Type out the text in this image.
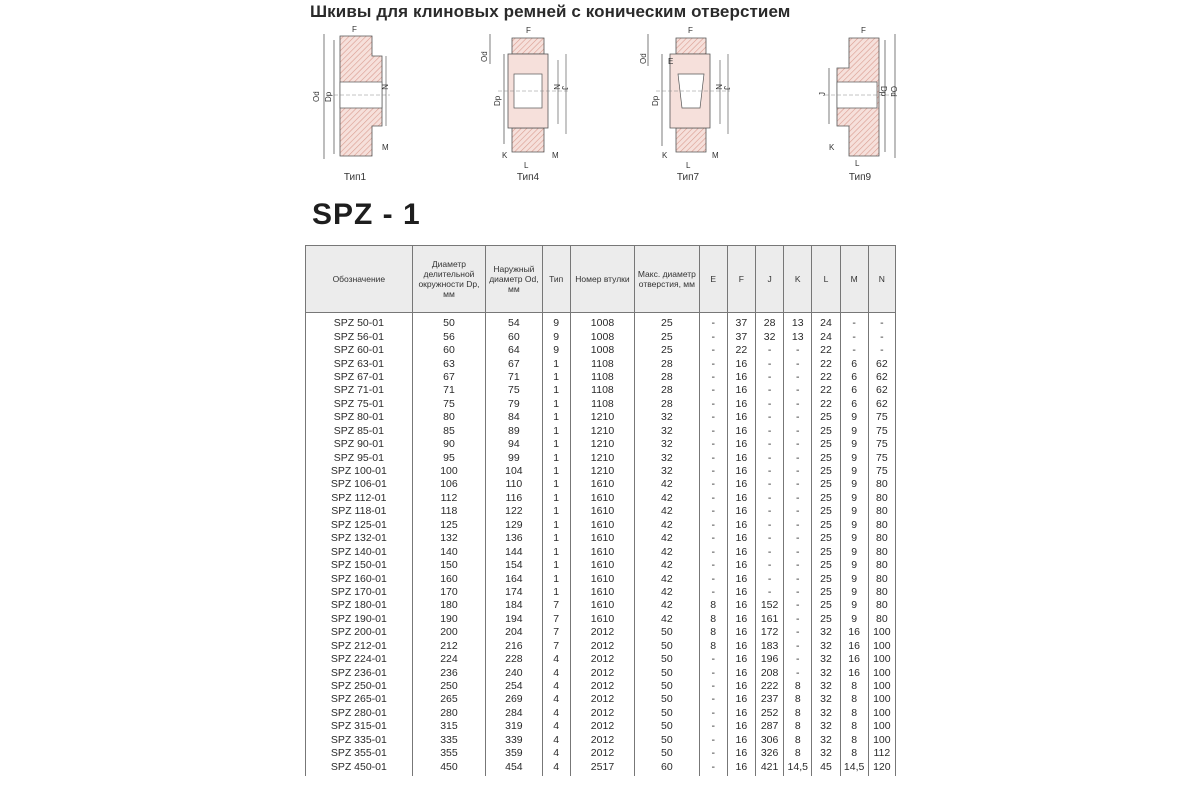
Шкивы для клиновых ремней с коническим отверстием
Od Dp
N
F
M
Тип1
Od
Dp
N J
F
K
L
M
Тип4
Od	E
Dp
N J
F
K
L
M
Тип7
J	Dp Od
F
K
L
Тип9
SPZ - 1
Обозначение	Диаметр делительной окружности Dp, мм	Наружный диаметр Od, мм	Тип	Номер втулки	Макс. диаметр отверстия, мм	E	F	J	K	L	M	N
SPZ 50-01	50	54	9	1008	25	-	37	28	13	24	-	-
SPZ 56-01	56	60	9	1008	25	-	37	32	13	24	-	-
SPZ 60-01	60	64	9	1008	25	-	22	-	-	22	-	-
SPZ 63-01	63	67	1	1108	28	-	16	-	-	22	6	62
SPZ 67-01	67	71	1	1108	28	-	16	-	-	22	6	62
SPZ 71-01	71	75	1	1108	28	-	16	-	-	22	6	62
SPZ 75-01	75	79	1	1108	28	-	16	-	-	22	6	62
SPZ 80-01	80	84	1	1210	32	-	16	-	-	25	9	75
SPZ 85-01	85	89	1	1210	32	-	16	-	-	25	9	75
SPZ 90-01	90	94	1	1210	32	-	16	-	-	25	9	75
SPZ 95-01	95	99	1	1210	32	-	16	-	-	25	9	75
SPZ 100-01	100	104	1	1210	32	-	16	-	-	25	9	75
SPZ 106-01	106	110	1	1610	42	-	16	-	-	25	9	80
SPZ 112-01	112	116	1	1610	42	-	16	-	-	25	9	80
SPZ 118-01	118	122	1	1610	42	-	16	-	-	25	9	80
SPZ 125-01	125	129	1	1610	42	-	16	-	-	25	9	80
SPZ 132-01	132	136	1	1610	42	-	16	-	-	25	9	80
SPZ 140-01	140	144	1	1610	42	-	16	-	-	25	9	80
SPZ 150-01	150	154	1	1610	42	-	16	-	-	25	9	80
SPZ 160-01	160	164	1	1610	42	-	16	-	-	25	9	80
SPZ 170-01	170	174	1	1610	42	-	16	-	-	25	9	80
SPZ 180-01	180	184	7	1610	42	8	16	152	-	25	9	80
SPZ 190-01	190	194	7	1610	42	8	16	161	-	25	9	80
SPZ 200-01	200	204	7	2012	50	8	16	172	-	32	16	100
SPZ 212-01	212	216	7	2012	50	8	16	183	-	32	16	100
SPZ 224-01	224	228	4	2012	50	-	16	196	-	32	16	100
SPZ 236-01	236	240	4	2012	50	-	16	208	-	32	16	100
SPZ 250-01	250	254	4	2012	50	-	16	222	8	32	8	100
SPZ 265-01	265	269	4	2012	50	-	16	237	8	32	8	100
SPZ 280-01	280	284	4	2012	50	-	16	252	8	32	8	100
SPZ 315-01	315	319	4	2012	50	-	16	287	8	32	8	100
SPZ 335-01	335	339	4	2012	50	-	16	306	8	32	8	100
SPZ 355-01	355	359	4	2012	50	-	16	326	8	32	8	112
SPZ 450-01	450	454	4	2517	60	-	16	421	14,5	45	14,5	120
